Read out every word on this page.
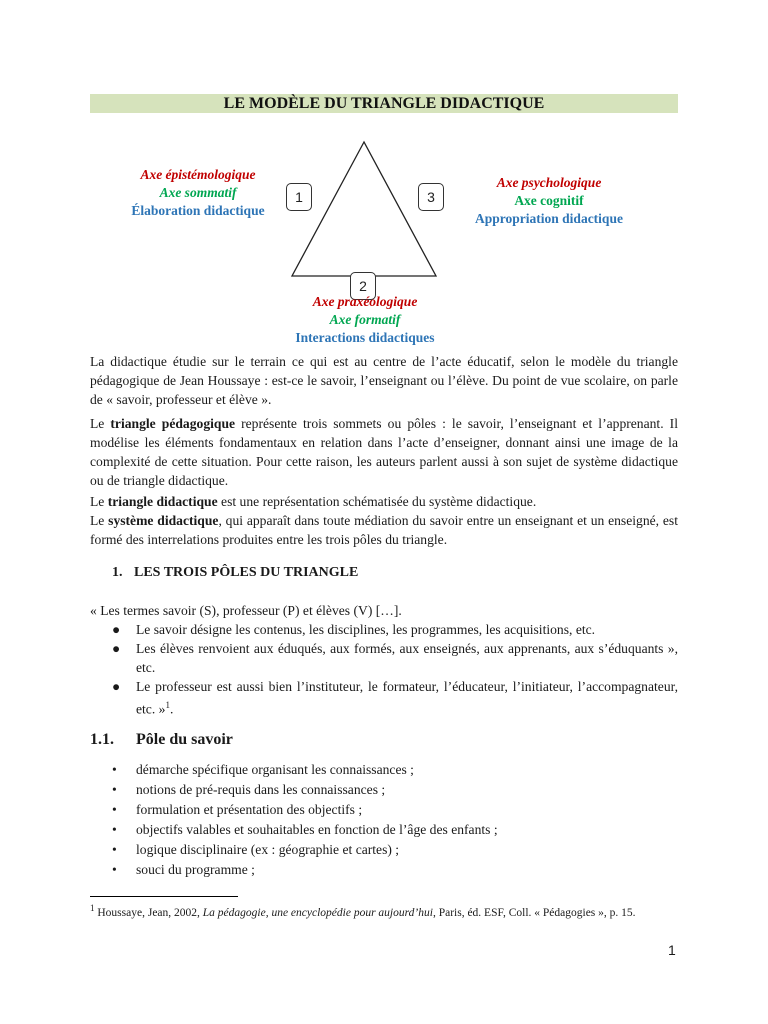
LE MODÈLE DU TRIANGLE DIDACTIQUE
1	3
2
Axe épistémologique
Axe sommatif
Élaboration didactique
Axe psychologique
Axe cognitif
Appropriation didactique
Axe praxéologique
Axe formatif
Interactions didactiques
La didactique étudie sur le terrain ce qui est au centre de l’acte éducatif, selon le modèle du triangle pédagogique de Jean Houssaye : est-ce le savoir, l’enseignant ou l’élève. Du point de vue scolaire, on parle de « savoir, professeur et élève ».
Le triangle pédagogique représente trois sommets ou pôles : le savoir, l’enseignant et l’apprenant. Il modélise les éléments fondamentaux en relation dans l’acte d’enseigner, donnant ainsi une image de la complexité de cette situation. Pour cette raison, les auteurs parlent aussi à son sujet de système didactique ou de triangle didactique.
Le triangle didactique est une représentation schématisée du système didactique.
Le système didactique, qui apparaît dans toute médiation du savoir entre un enseignant et un enseigné, est formé des interrelations produites entre les trois pôles du triangle.
1. LES TROIS PÔLES DU TRIANGLE
« Les termes savoir (S), professeur (P) et élèves (V) […].
● Le savoir désigne les contenus, les disciplines, les programmes, les acquisitions, etc.
● Les élèves renvoient aux éduqués, aux formés, aux enseignés, aux apprenants, aux s’éduquants », etc.
● Le professeur est aussi bien l’instituteur, le formateur, l’éducateur, l’initiateur, l’accompagnateur, etc. »$^1$.
1.1. Pôle du savoir
• démarche spécifique organisant les connaissances ;
• notions de pré-requis dans les connaissances ;
• formulation et présentation des objectifs ;
• objectifs valables et souhaitables en fonction de l’âge des enfants ;
• logique disciplinaire (ex : géographie et cartes) ;
• souci du programme ;
$^1$ Houssaye, Jean, 2002, La pédagogie, une encyclopédie pour aujourd’hui, Paris, éd. ESF, Coll. « Pédagogies », p. 15.
1
